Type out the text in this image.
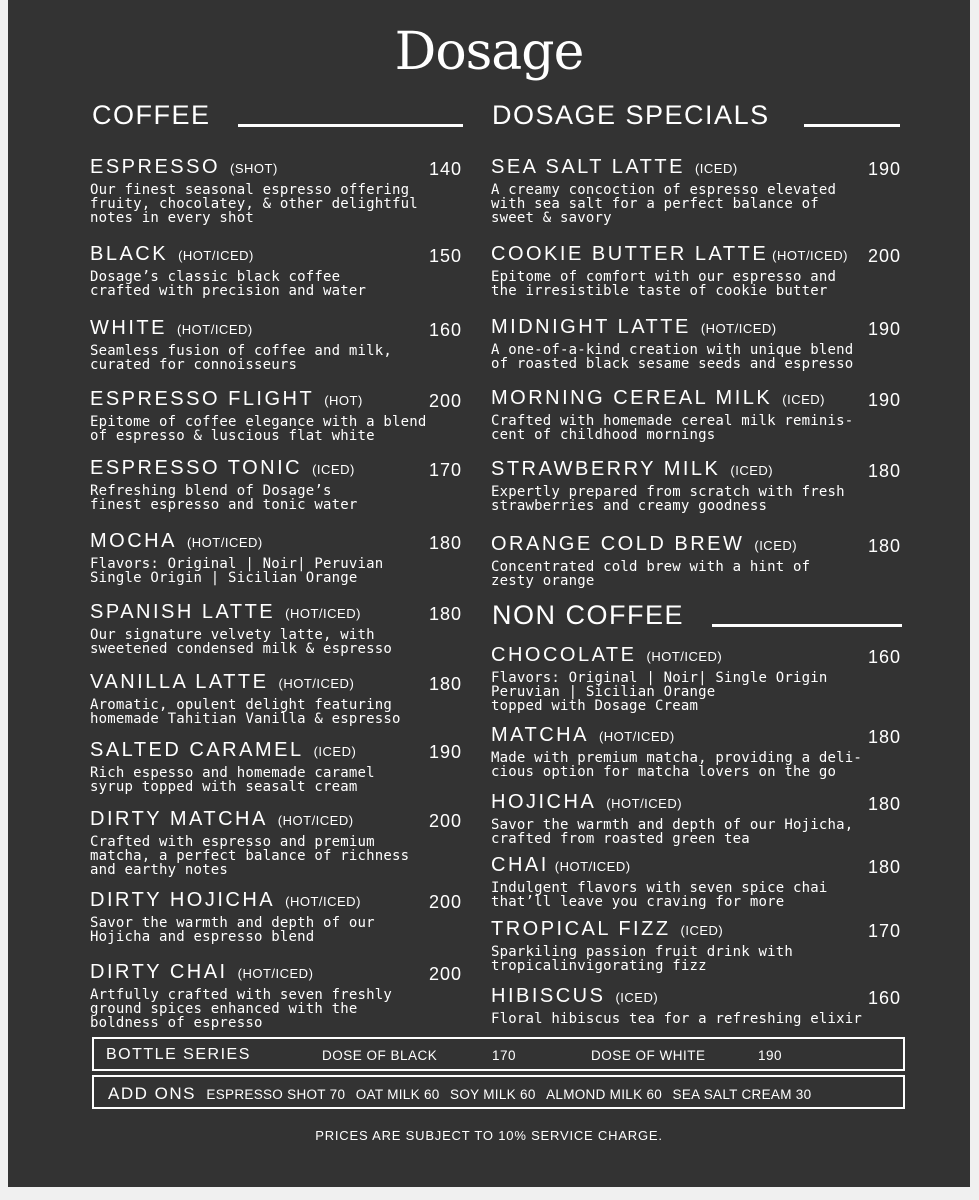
Dosage
COFFEE	DOSAGE SPECIALS
NON COFFEE
ESPRESSO (SHOT)	140
Our finest seasonal espresso offering
fruity, chocolatey, & other delightful
notes in every shot
BLACK (HOT/ICED)	150
Dosage’s classic black coffee
crafted with precision and water
WHITE (HOT/ICED)	160
Seamless fusion of coffee and milk,
curated for connoisseurs
ESPRESSO FLIGHT (HOT)	200
Epitome of coffee elegance with a blend
of espresso & luscious flat white
ESPRESSO TONIC (ICED)	170
Refreshing blend of Dosage’s
finest espresso and tonic water
MOCHA (HOT/ICED)	180
Flavors: Original | Noir| Peruvian
Single Origin | Sicilian Orange
SPANISH LATTE (HOT/ICED)	180
Our signature velvety latte, with
sweetened condensed milk & espresso
VANILLA LATTE (HOT/ICED)	180
Aromatic, opulent delight featuring
homemade Tahitian Vanilla & espresso
SALTED CARAMEL (ICED)	190
Rich espesso and homemade caramel
syrup topped with seasalt cream
DIRTY MATCHA (HOT/ICED)	200
Crafted with espresso and premium
matcha, a perfect balance of richness
and earthy notes
DIRTY HOJICHA (HOT/ICED)	200
Savor the warmth and depth of our
Hojicha and espresso blend
DIRTY CHAI (HOT/ICED)	200
Artfully crafted with seven freshly
ground spices enhanced with the
boldness of espresso
SEA SALT LATTE (ICED)	190
A creamy concoction of espresso elevated
with sea salt for a perfect balance of
sweet & savory
COOKIE BUTTER LATTE (HOT/ICED)	200
Epitome of comfort with our espresso and
the irresistible taste of cookie butter
MIDNIGHT LATTE (HOT/ICED)	190
A one-of-a-kind creation with unique blend
of roasted black sesame seeds and espresso
MORNING CEREAL MILK (ICED)	190
Crafted with homemade cereal milk reminis-
cent of childhood mornings
STRAWBERRY MILK (ICED)	180
Expertly prepared from scratch with fresh
strawberries and creamy goodness
ORANGE COLD BREW (ICED)	180
Concentrated cold brew with a hint of
zesty orange
CHOCOLATE (HOT/ICED)	160
Flavors: Original | Noir| Single Origin
Peruvian | Sicilian Orange
topped with Dosage Cream
MATCHA (HOT/ICED)	180
Made with premium matcha, providing a deli-
cious option for matcha lovers on the go
HOJICHA (HOT/ICED)	180
Savor the warmth and depth of our Hojicha,
crafted from roasted green tea
CHAI (HOT/ICED)	180
Indulgent flavors with seven spice chai
that’ll leave you craving for more
TROPICAL FIZZ (ICED)	170
Sparkiling passion fruit drink with
tropicalinvigorating fizz
HIBISCUS (ICED)	160
Floral hibiscus tea for a refreshing elixir
BOTTLE SERIES	DOSE OF BLACK	170	DOSE OF WHITE	190
ADD ONS ESPRESSO SHOT 70 OAT MILK 60 SOY MILK 60 ALMOND MILK 60 SEA SALT CREAM 30
PRICES ARE SUBJECT TO 10% SERVICE CHARGE.
